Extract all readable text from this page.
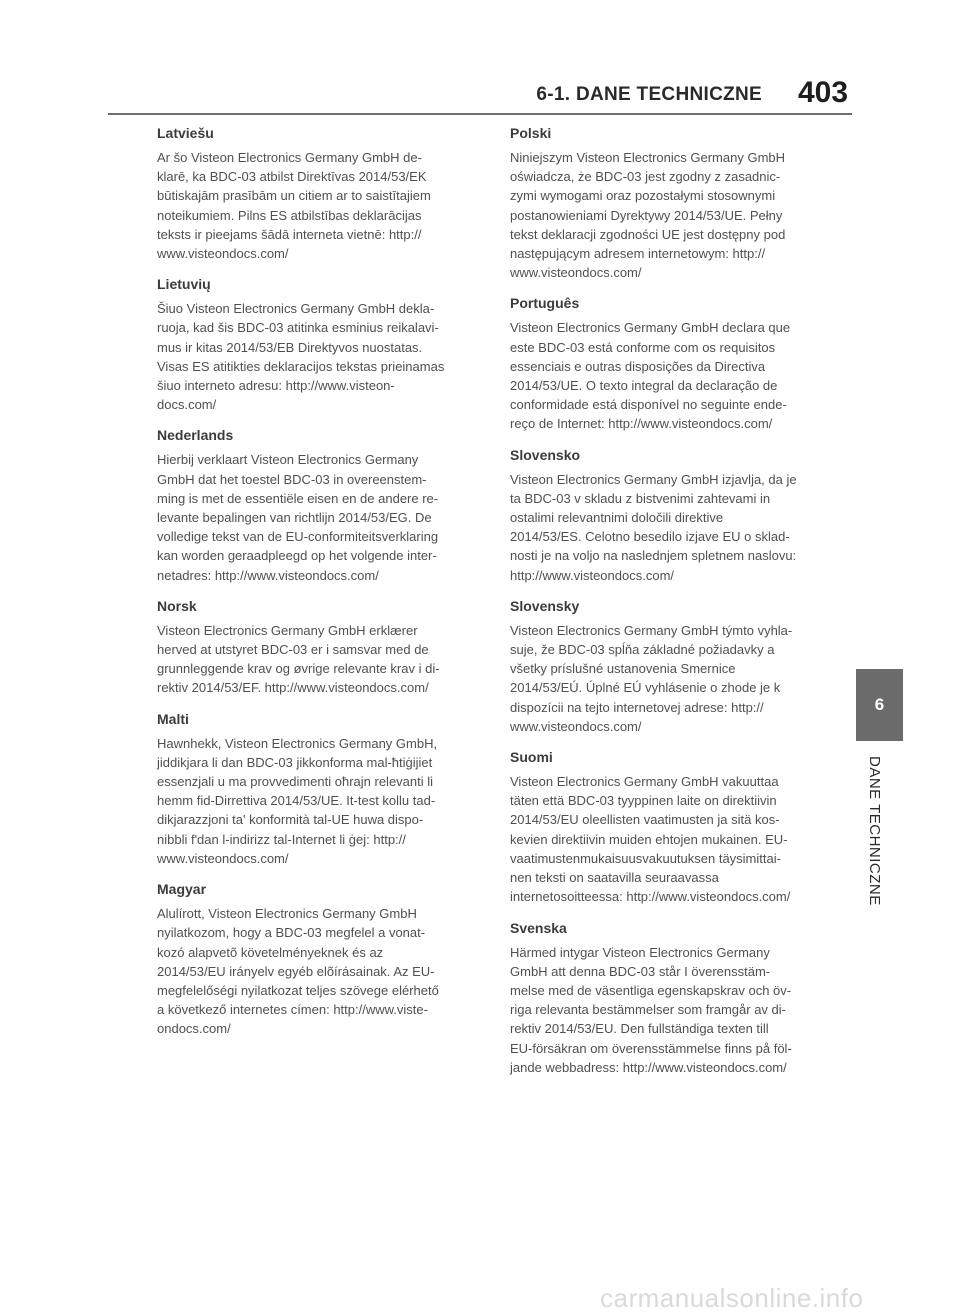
6-1. DANE TECHNICZNE 403
Latviešu
Ar šo Visteon Electronics Germany GmbH de-
klarē, ka BDC-03 atbilst Direktīvas 2014/53/EK
būtiskajām prasībām un citiem ar to saistītajiem
noteikumiem. Pilns ES atbilstības deklarācijas
teksts ir pieejams šādā interneta vietnē: http://
www.visteondocs.com/
Lietuvių
Šiuo Visteon Electronics Germany GmbH dekla-
ruoja, kad šis BDC-03 atitinka esminius reikalavi-
mus ir kitas 2014/53/EB Direktyvos nuostatas.
Visas ES atitikties deklaracijos tekstas prieinamas
šiuo interneto adresu: http://www.visteon-
docs.com/
Nederlands
Hierbij verklaart Visteon Electronics Germany
GmbH dat het toestel BDC-03 in overeenstem-
ming is met de essentiële eisen en de andere re-
levante bepalingen van richtlijn 2014/53/EG. De
volledige tekst van de EU-conformiteitsverklaring
kan worden geraadpleegd op het volgende inter-
netadres: http://www.visteondocs.com/
Norsk
Visteon Electronics Germany GmbH erklærer
herved at utstyret BDC-03 er i samsvar med de
grunnleggende krav og øvrige relevante krav i di-
rektiv 2014/53/EF. http://www.visteondocs.com/
Malti
Hawnhekk, Visteon Electronics Germany GmbH,
jiddikjara li dan BDC-03 jikkonforma mal-ħtiġijiet
essenzjali u ma provvedimenti oħrajn relevanti li
hemm fid-Dirrettiva 2014/53/UE. It-test kollu tad-
dikjarazzjoni ta' konformità tal-UE huwa dispo-
nibbli f'dan l-indirizz tal-Internet li ġej: http://
www.visteondocs.com/
Magyar
Alulírott, Visteon Electronics Germany GmbH
nyilatkozom, hogy a BDC-03 megfelel a vonat-
kozó alapvetõ követelményeknek és az
2014/53/EU irányelv egyéb elõírásainak. Az EU-
megfelelőségi nyilatkozat teljes szövege elérhető
a következő internetes címen: http://www.viste-
ondocs.com/
Polski
Niniejszym Visteon Electronics Germany GmbH
oświadcza, że BDC-03 jest zgodny z zasadnic-
zymi wymogami oraz pozostałymi stosownymi
postanowieniami Dyrektywy 2014/53/UE. Pełny
tekst deklaracji zgodności UE jest dostępny pod
następującym adresem internetowym: http://
www.visteondocs.com/
Português
Visteon Electronics Germany GmbH declara que
este BDC-03 está conforme com os requisitos
essenciais e outras disposições da Directiva
2014/53/UE. O texto integral da declaração de
conformidade está disponível no seguinte ende-
reço de Internet: http://www.visteondocs.com/
Slovensko
Visteon Electronics Germany GmbH izjavlja, da je
ta BDC-03 v skladu z bistvenimi zahtevami in
ostalimi relevantnimi določili direktive
2014/53/ES. Celotno besedilo izjave EU o sklad-
nosti je na voljo na naslednjem spletnem naslovu:
http://www.visteondocs.com/
Slovensky
Visteon Electronics Germany GmbH týmto vyhla-
suje, že BDC-03 spĺňa základné požiadavky a
všetky príslušné ustanovenia Smernice
2014/53/EÚ. Úplné EÚ vyhlásenie o zhode je k
dispozícii na tejto internetovej adrese: http://
www.visteondocs.com/
Suomi
Visteon Electronics Germany GmbH vakuuttaa
täten että BDC-03 tyyppinen laite on direktiivin
2014/53/EU oleellisten vaatimusten ja sitä kos-
kevien direktiivin muiden ehtojen mukainen. EU-
vaatimustenmukaisuusvakuutuksen täysimittai-
nen teksti on saatavilla seuraavassa
internetosoitteessa: http://www.visteondocs.com/
Svenska
Härmed intygar Visteon Electronics Germany
GmbH att denna BDC-03 står I överensstäm-
melse med de väsentliga egenskapskrav och öv-
riga relevanta bestämmelser som framgår av di-
rektiv 2014/53/EU. Den fullständiga texten till
EU-försäkran om överensstämmelse finns på föl-
jande webbadress: http://www.visteondocs.com/
6
DANE TECHNICZNE
carmanualsonline.info
